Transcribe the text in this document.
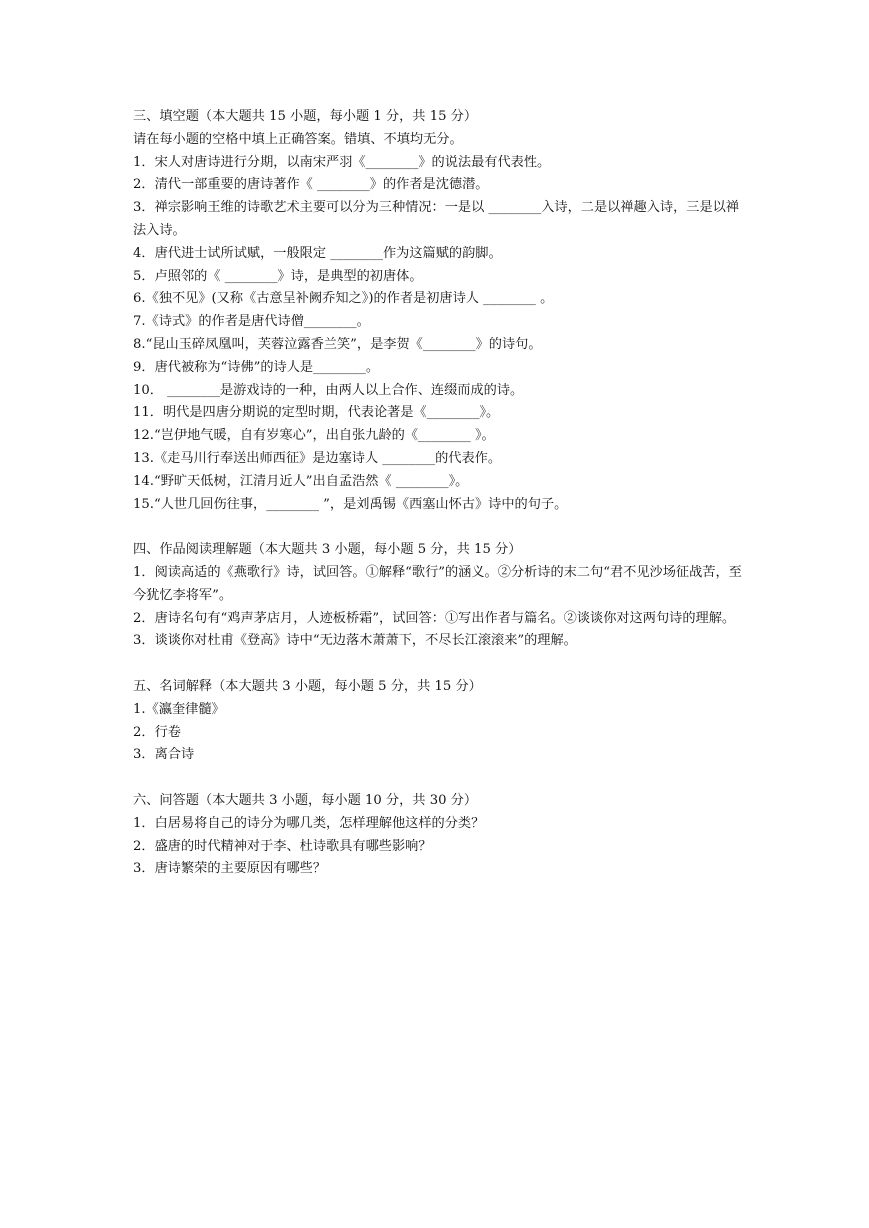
三、填空题（本大题共 15 小题，每小题 1 分，共 15 分）
请在每小题的空格中填上正确答案。错填、不填均无分。
1．宋人对唐诗进行分期，以南宋严羽《________》的说法最有代表性。
2．清代一部重要的唐诗著作《 ________》的作者是沈德潜。
3．禅宗影响王维的诗歌艺术主要可以分为三种情况：一是以 ________入诗，二是以禅趣入诗，三是以禅法入诗。
4．唐代进士试所试赋，一般限定 ________作为这篇赋的韵脚。
5．卢照邻的《 ________》诗，是典型的初唐体。
6.《独不见》(又称《古意呈补阙乔知之》)的作者是初唐诗人 ________ 。
7.《诗式》的作者是唐代诗僧________。
8.“昆山玉碎凤凰叫，芙蓉泣露香兰笑”，是李贺《________》的诗句。
9．唐代被称为“诗佛”的诗人是________。
10． ________是游戏诗的一种，由两人以上合作、连缀而成的诗。
11．明代是四唐分期说的定型时期，代表论著是《________》。
12.“岂伊地气暖，自有岁寒心”，出自张九龄的《________ 》。
13.《走马川行奉送出师西征》是边塞诗人 ________的代表作。
14.“野旷天低树，江清月近人”出自孟浩然《 ________》。
15.“人世几回伤往事，________ ”，是刘禹锡《西塞山怀古》诗中的句子。
四、作品阅读理解题（本大题共 3 小题，每小题 5 分，共 15 分）
1．阅读高适的《燕歌行》诗，试回答。①解释“歌行”的涵义。②分析诗的末二句“君不见沙场征战苦，至今犹忆李将军”。
2．唐诗名句有“鸡声茅店月，人迹板桥霜”，试回答：①写出作者与篇名。②谈谈你对这两句诗的理解。
3．谈谈你对杜甫《登高》诗中“无边落木萧萧下，不尽长江滚滚来”的理解。
五、名词解释（本大题共 3 小题，每小题 5 分，共 15 分）
1.《瀛奎律髓》
2．行卷
3．离合诗
六、问答题（本大题共 3 小题，每小题 10 分，共 30 分）
1．白居易将自己的诗分为哪几类，怎样理解他这样的分类？
2．盛唐的时代精神对于李、杜诗歌具有哪些影响？
3．唐诗繁荣的主要原因有哪些？
